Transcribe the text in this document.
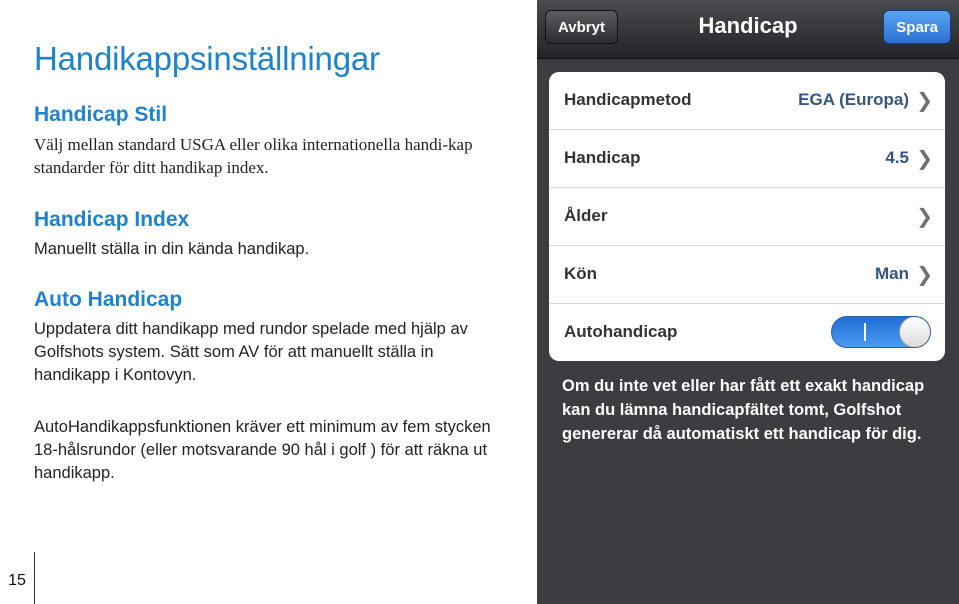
Handikappsinställningar
Handicap Stil

Välj mellan standard USGA eller olika internationella handi-kap standarder för ditt handikap index.

Handicap Index

Manuellt ställa in din kända handikap.

Auto Handicap

Uppdatera ditt handikapp med rundor spelade med hjälp av Golfshots system. Sätt som AV för att manuellt ställa in handikapp i Kontovyn.

AutoHandikappsfunktionen kräver ett minimum av fem stycken 18-hålsrundor (eller motsvarande 90 hål i golf ) för att räkna ut handikapp.

15
Avbryt	Handicap	Spara
Handicapmetod	EGA (Europa) ❯
Handicap	4.5 ❯
Ålder	❯
Kön	Man ❯
Autohandicap
Om du inte vet eller har fått ett exakt handicap kan du lämna handicapfältet tomt, Golfshot genererar då automatiskt ett handicap för dig.
